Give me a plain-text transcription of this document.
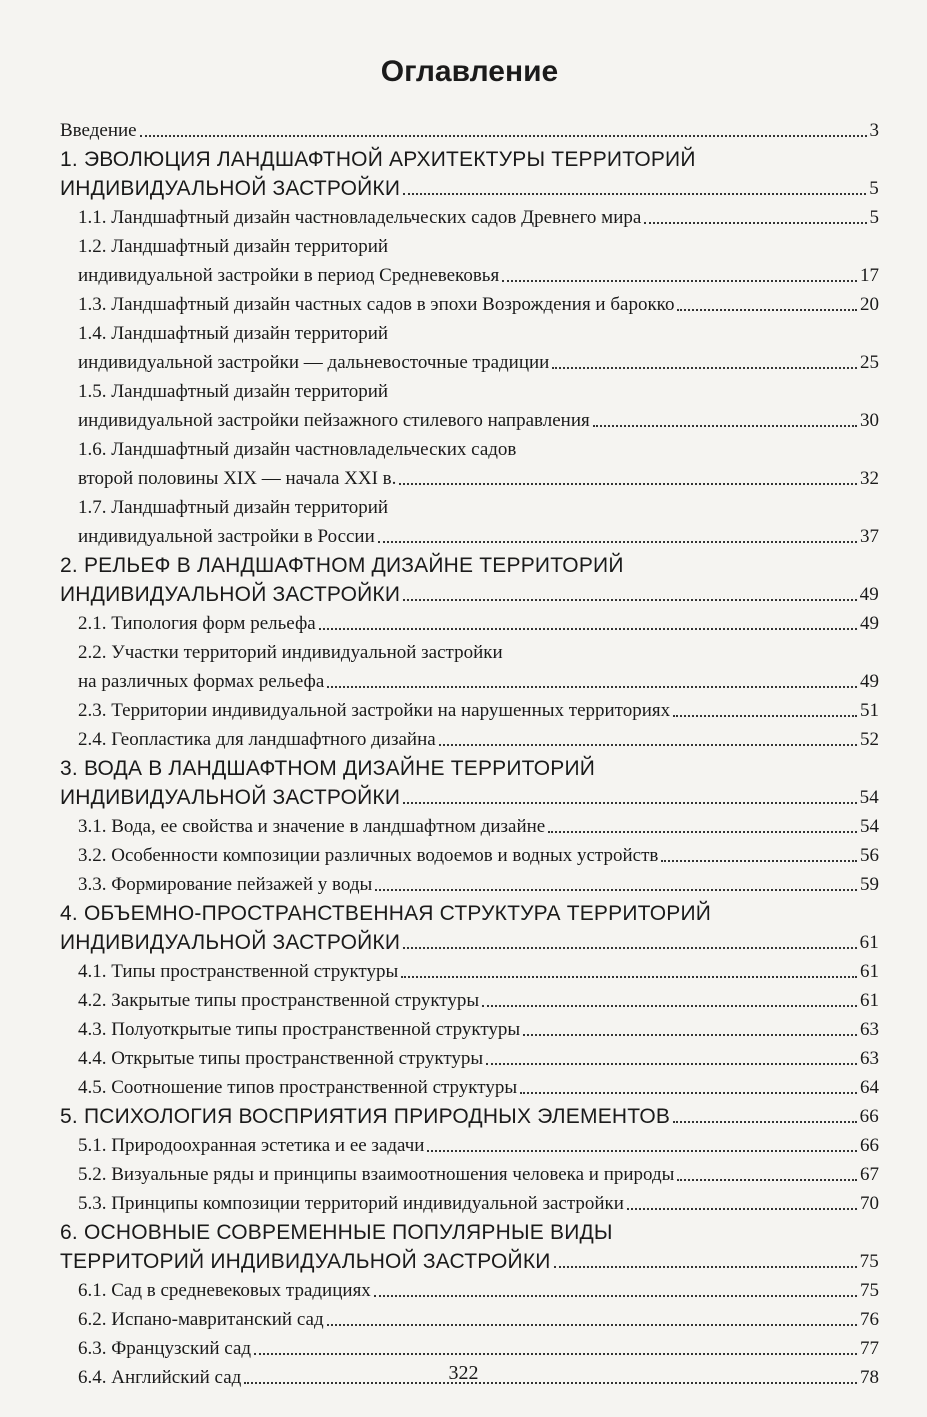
Оглавление
Введение	3
1. ЭВОЛЮЦИЯ ЛАНДШАФТНОЙ АРХИТЕКТУРЫ ТЕРРИТОРИЙ
ИНДИВИДУАЛЬНОЙ ЗАСТРОЙКИ	5
1.1. Ландшафтный дизайн частновладельческих садов Древнего мира	5
1.2. Ландшафтный дизайн территорий
индивидуальной застройки в период Средневековья	17
1.3. Ландшафтный дизайн частных садов в эпохи Возрождения и барокко	20
1.4. Ландшафтный дизайн территорий
индивидуальной застройки — дальневосточные традиции	25
1.5. Ландшафтный дизайн территорий
индивидуальной застройки пейзажного стилевого направления	30
1.6. Ландшафтный дизайн частновладельческих садов
второй половины XIX — начала XXI в.	32
1.7. Ландшафтный дизайн территорий
индивидуальной застройки в России	37
2. РЕЛЬЕФ В ЛАНДШАФТНОМ ДИЗАЙНЕ ТЕРРИТОРИЙ
ИНДИВИДУАЛЬНОЙ ЗАСТРОЙКИ	49
2.1. Типология форм рельефа	49
2.2. Участки территорий индивидуальной застройки
на различных формах рельефа	49
2.3. Территории индивидуальной застройки на нарушенных территориях	51
2.4. Геопластика для ландшафтного дизайна	52
3. ВОДА В ЛАНДШАФТНОМ ДИЗАЙНЕ ТЕРРИТОРИЙ
ИНДИВИДУАЛЬНОЙ ЗАСТРОЙКИ	54
3.1. Вода, ее свойства и значение в ландшафтном дизайне	54
3.2. Особенности композиции различных водоемов и водных устройств	56
3.3. Формирование пейзажей у воды	59
4. ОБЪЕМНО-ПРОСТРАНСТВЕННАЯ СТРУКТУРА ТЕРРИТОРИЙ
ИНДИВИДУАЛЬНОЙ ЗАСТРОЙКИ	61
4.1. Типы пространственной структуры	61
4.2. Закрытые типы пространственной структуры	61
4.3. Полуоткрытые типы пространственной структуры	63
4.4. Открытые типы пространственной структуры	63
4.5. Соотношение типов пространственной структуры	64
5. ПСИХОЛОГИЯ ВОСПРИЯТИЯ ПРИРОДНЫХ ЭЛЕМЕНТОВ	66
5.1. Природоохранная эстетика и ее задачи	66
5.2. Визуальные ряды и принципы взаимоотношения человека и природы	67
5.3. Принципы композиции территорий индивидуальной застройки	70
6. ОСНОВНЫЕ СОВРЕМЕННЫЕ ПОПУЛЯРНЫЕ ВИДЫ
ТЕРРИТОРИЙ ИНДИВИДУАЛЬНОЙ ЗАСТРОЙКИ	75
6.1. Сад в средневековых традициях	75
6.2. Испано-мавританский сад	76
6.3. Французский сад	77
6.4. Английский сад	78
322
